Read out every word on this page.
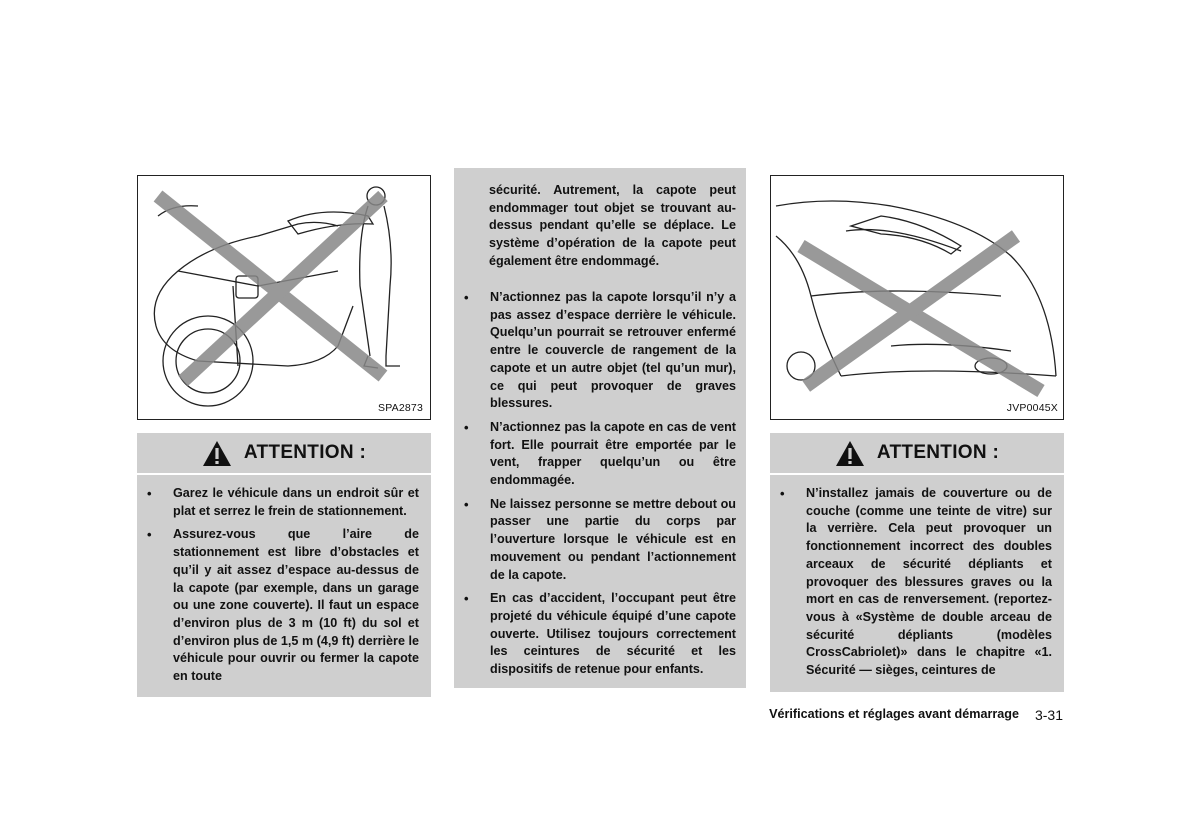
SPA2873
ATTENTION :
• Garez le véhicule dans un endroit sûr et plat et serrez le frein de stationnement.
• Assurez-vous que l’aire de stationnement est libre d’obstacles et qu’il y ait assez d’espace au-dessus de la capote (par exemple, dans un garage ou une zone couverte). Il faut un espace d’environ plus de 3 m (10 ft) du sol et d’environ plus de 1,5 m (4,9 ft) derrière le véhicule pour ouvrir ou fermer la capote en toute

sécurité. Autrement, la capote peut endommager tout objet se trouvant au-dessus pendant qu’elle se déplace. Le système d’opération de la capote peut également être endommagé.

• N’actionnez pas la capote lorsqu’il n’y a pas assez d’espace derrière le véhicule. Quelqu’un pourrait se retrouver enfermé entre le couvercle de rangement de la capote et un autre objet (tel qu’un mur), ce qui peut provoquer de graves blessures.
• N’actionnez pas la capote en cas de vent fort. Elle pourrait être emportée par le vent, frapper quelqu’un ou être endommagée.
• Ne laissez personne se mettre debout ou passer une partie du corps par l’ouverture lorsque le véhicule est en mouvement ou pendant l’actionnement de la capote.
• En cas d’accident, l’occupant peut être projeté du véhicule équipé d’une capote ouverte. Utilisez toujours correctement les ceintures de sécurité et les dispositifs de retenue pour enfants.
JVP0045X
ATTENTION :
• N’installez jamais de couverture ou de couche (comme une teinte de vitre) sur la verrière. Cela peut provoquer un fonctionnement incorrect des doubles arceaux de sécurité dépliants et provoquer des blessures graves ou la mort en cas de renversement. (reportez-vous à «Système de double arceau de sécurité dépliants (modèles CrossCabriolet)» dans le chapitre «1. Sécurité — sièges, ceintures de
Vérifications et réglages avant démarrage 3-31
